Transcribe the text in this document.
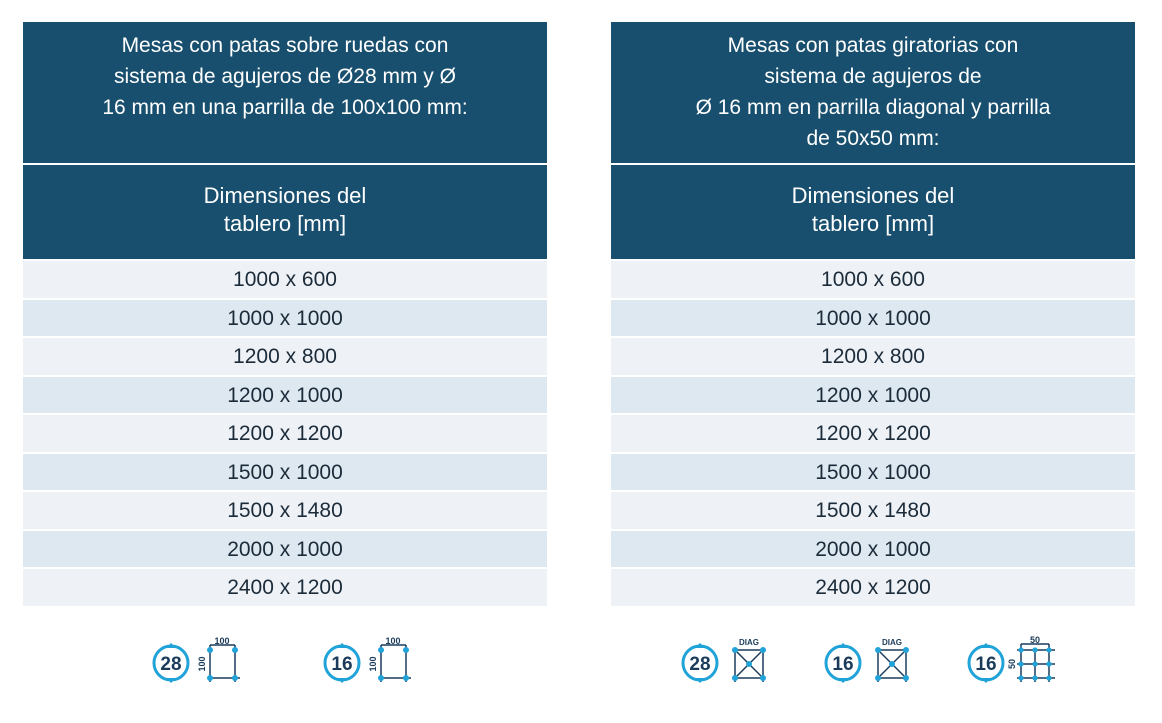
Mesas con patas sobre ruedas con
sistema de agujeros de Ø28 mm y Ø
16 mm en una parrilla de 100x100 mm:
Dimensiones del
tablero [mm]
1000 x 600
1000 x 1000
1200 x 800
1200 x 1000
1200 x 1200
1500 x 1000
1500 x 1480
2000 x 1000
2400 x 1200
Mesas con patas giratorias con
sistema de agujeros de
Ø 16 mm en parrilla diagonal y parrilla
de 50x50 mm:
Dimensiones del
tablero [mm]
1000 x 600
1000 x 1000
1200 x 800
1200 x 1000
1200 x 1200
1500 x 1000
1500 x 1480
2000 x 1000
2400 x 1200
28
100
100	16
100
100	28
DIAG
16
DIAG
16
50
50
